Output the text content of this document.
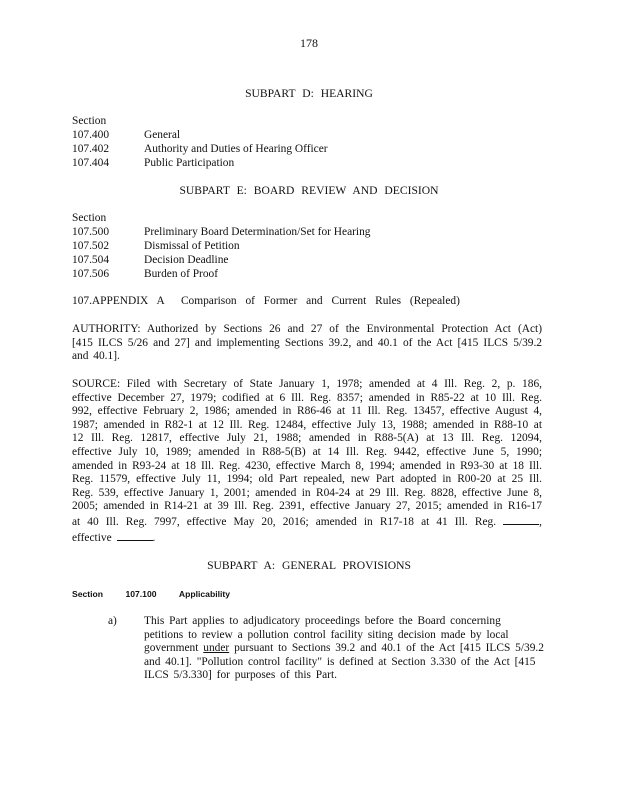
178
SUBPART D: HEARING
Section
107.400	General
107.402	Authority and Duties of Hearing Officer
107.404	Public Participation
SUBPART E: BOARD REVIEW AND DECISION
Section
107.500	Preliminary Board Determination/Set for Hearing
107.502	Dismissal of Petition
107.504	Decision Deadline
107.506	Burden of Proof
107.APPENDIX A Comparison of Former and Current Rules (Repealed)
AUTHORITY: Authorized by Sections 26 and 27 of the Environmental Protection Act (Act) [415 ILCS 5/26 and 27] and implementing Sections 39.2, and 40.1 of the Act [415 ILCS 5/39.2 and 40.1].
SOURCE: Filed with Secretary of State January 1, 1978; amended at 4 Ill. Reg. 2, p. 186, effective December 27, 1979; codified at 6 Ill. Reg. 8357; amended in R85-22 at 10 Ill. Reg. 992, effective February 2, 1986; amended in R86-46 at 11 Ill. Reg. 13457, effective August 4, 1987; amended in R82-1 at 12 Ill. Reg. 12484, effective July 13, 1988; amended in R88-10 at 12 Ill. Reg. 12817, effective July 21, 1988; amended in R88-5(A) at 13 Ill. Reg. 12094, effective July 10, 1989; amended in R88-5(B) at 14 Ill. Reg. 9442, effective June 5, 1990; amended in R93-24 at 18 Ill. Reg. 4230, effective March 8, 1994; amended in R93-30 at 18 Ill. Reg. 11579, effective July 11, 1994; old Part repealed, new Part adopted in R00-20 at 25 Ill. Reg. 539, effective January 1, 2001; amended in R04-24 at 29 Ill. Reg. 8828, effective June 8, 2005; amended in R14-21 at 39 Ill. Reg. 2391, effective January 27, 2015; amended in R16-17 at 40 Ill. Reg. 7997, effective May 20, 2016; amended in R17-18 at 41 Ill. Reg.	, effective	.
SUBPART A: GENERAL PROVISIONS
Section	107.100	Applicability
a) This Part applies to adjudicatory proceedings before the Board concerning petitions to review a pollution control facility siting decision made by local government under pursuant to Sections 39.2 and 40.1 of the Act [415 ILCS 5/39.2 and 40.1]. "Pollution control facility" is defined at Section 3.330 of the Act [415 ILCS 5/3.330] for purposes of this Part.
